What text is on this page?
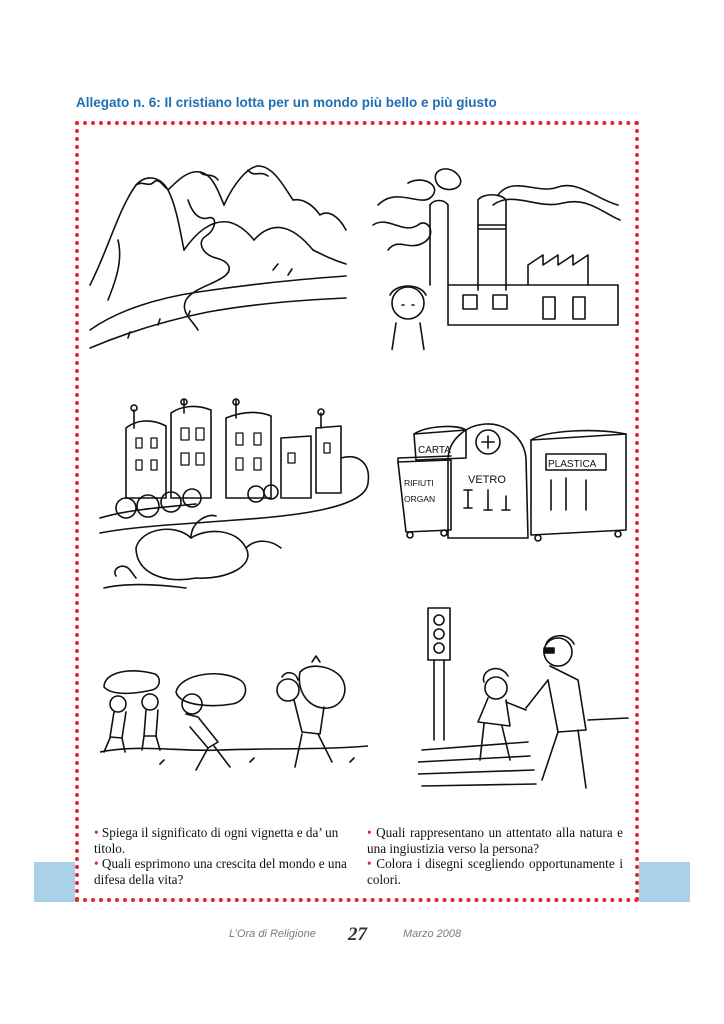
Allegato n. 6: Il cristiano lotta per un mondo più bello e più giusto
CARTA
VETRO
PLASTICA
RIFIUTI
ORGAN

• Spiega il significato di ogni vignetta e da’ un titolo.

• Quali esprimono una crescita del mondo e una difesa della vita?

• Quali rappresentano un attentato alla natura e una ingiustizia verso la persona?

• Colora i disegni scegliendo opportunamente i colori.

L’Ora di Religione 27	Marzo 2008
